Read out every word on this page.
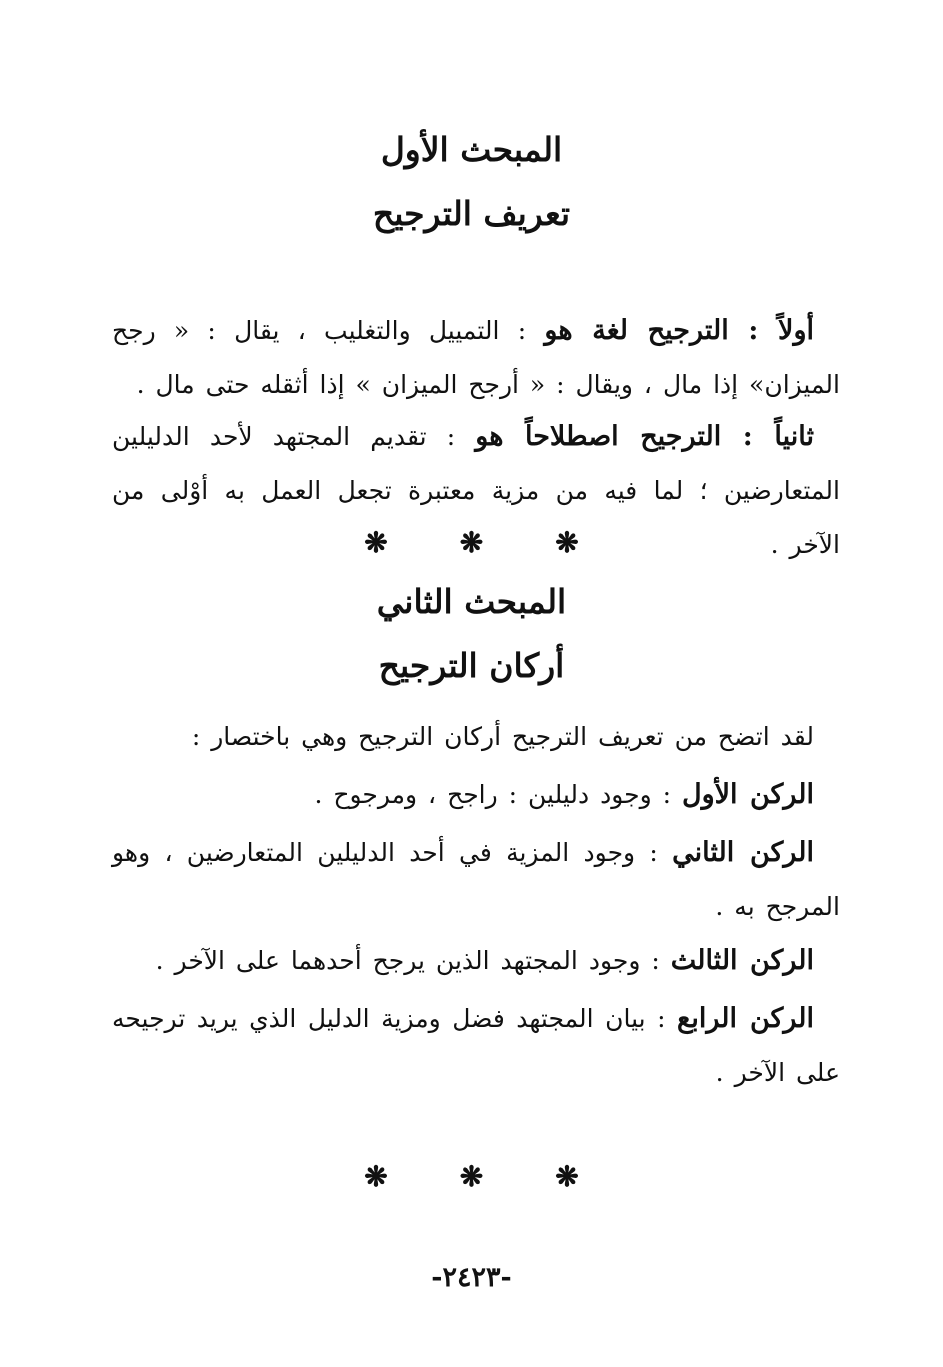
المبحث الأول
تعريف الترجيح
أولاً : الترجيح لغة هو : التمييل والتغليب ، يقال : « رجح الميزان» إذا مال ، ويقال : « أرجح الميزان » إذا أثقله حتى مال .
ثانياً : الترجيح اصطلاحاً هو : تقديم المجتهد لأحد الدليلين المتعارضين ؛ لما فيه من مزية معتبرة تجعل العمل به أوْلى من الآخر .
❋❋❋
المبحث الثاني
أركان الترجيح
لقد اتضح من تعريف الترجيح أركان الترجيح وهي باختصار :
الركن الأول : وجود دليلين : راجح ، ومرجوح .
الركن الثاني : وجود المزية في أحد الدليلين المتعارضين ، وهو المرجح به .
الركن الثالث : وجود المجتهد الذين يرجح أحدهما على الآخر .
الركن الرابع : بيان المجتهد فضل ومزية الدليل الذي يريد ترجيحه على الآخر .
❋❋❋
-٢٤٢٣-
